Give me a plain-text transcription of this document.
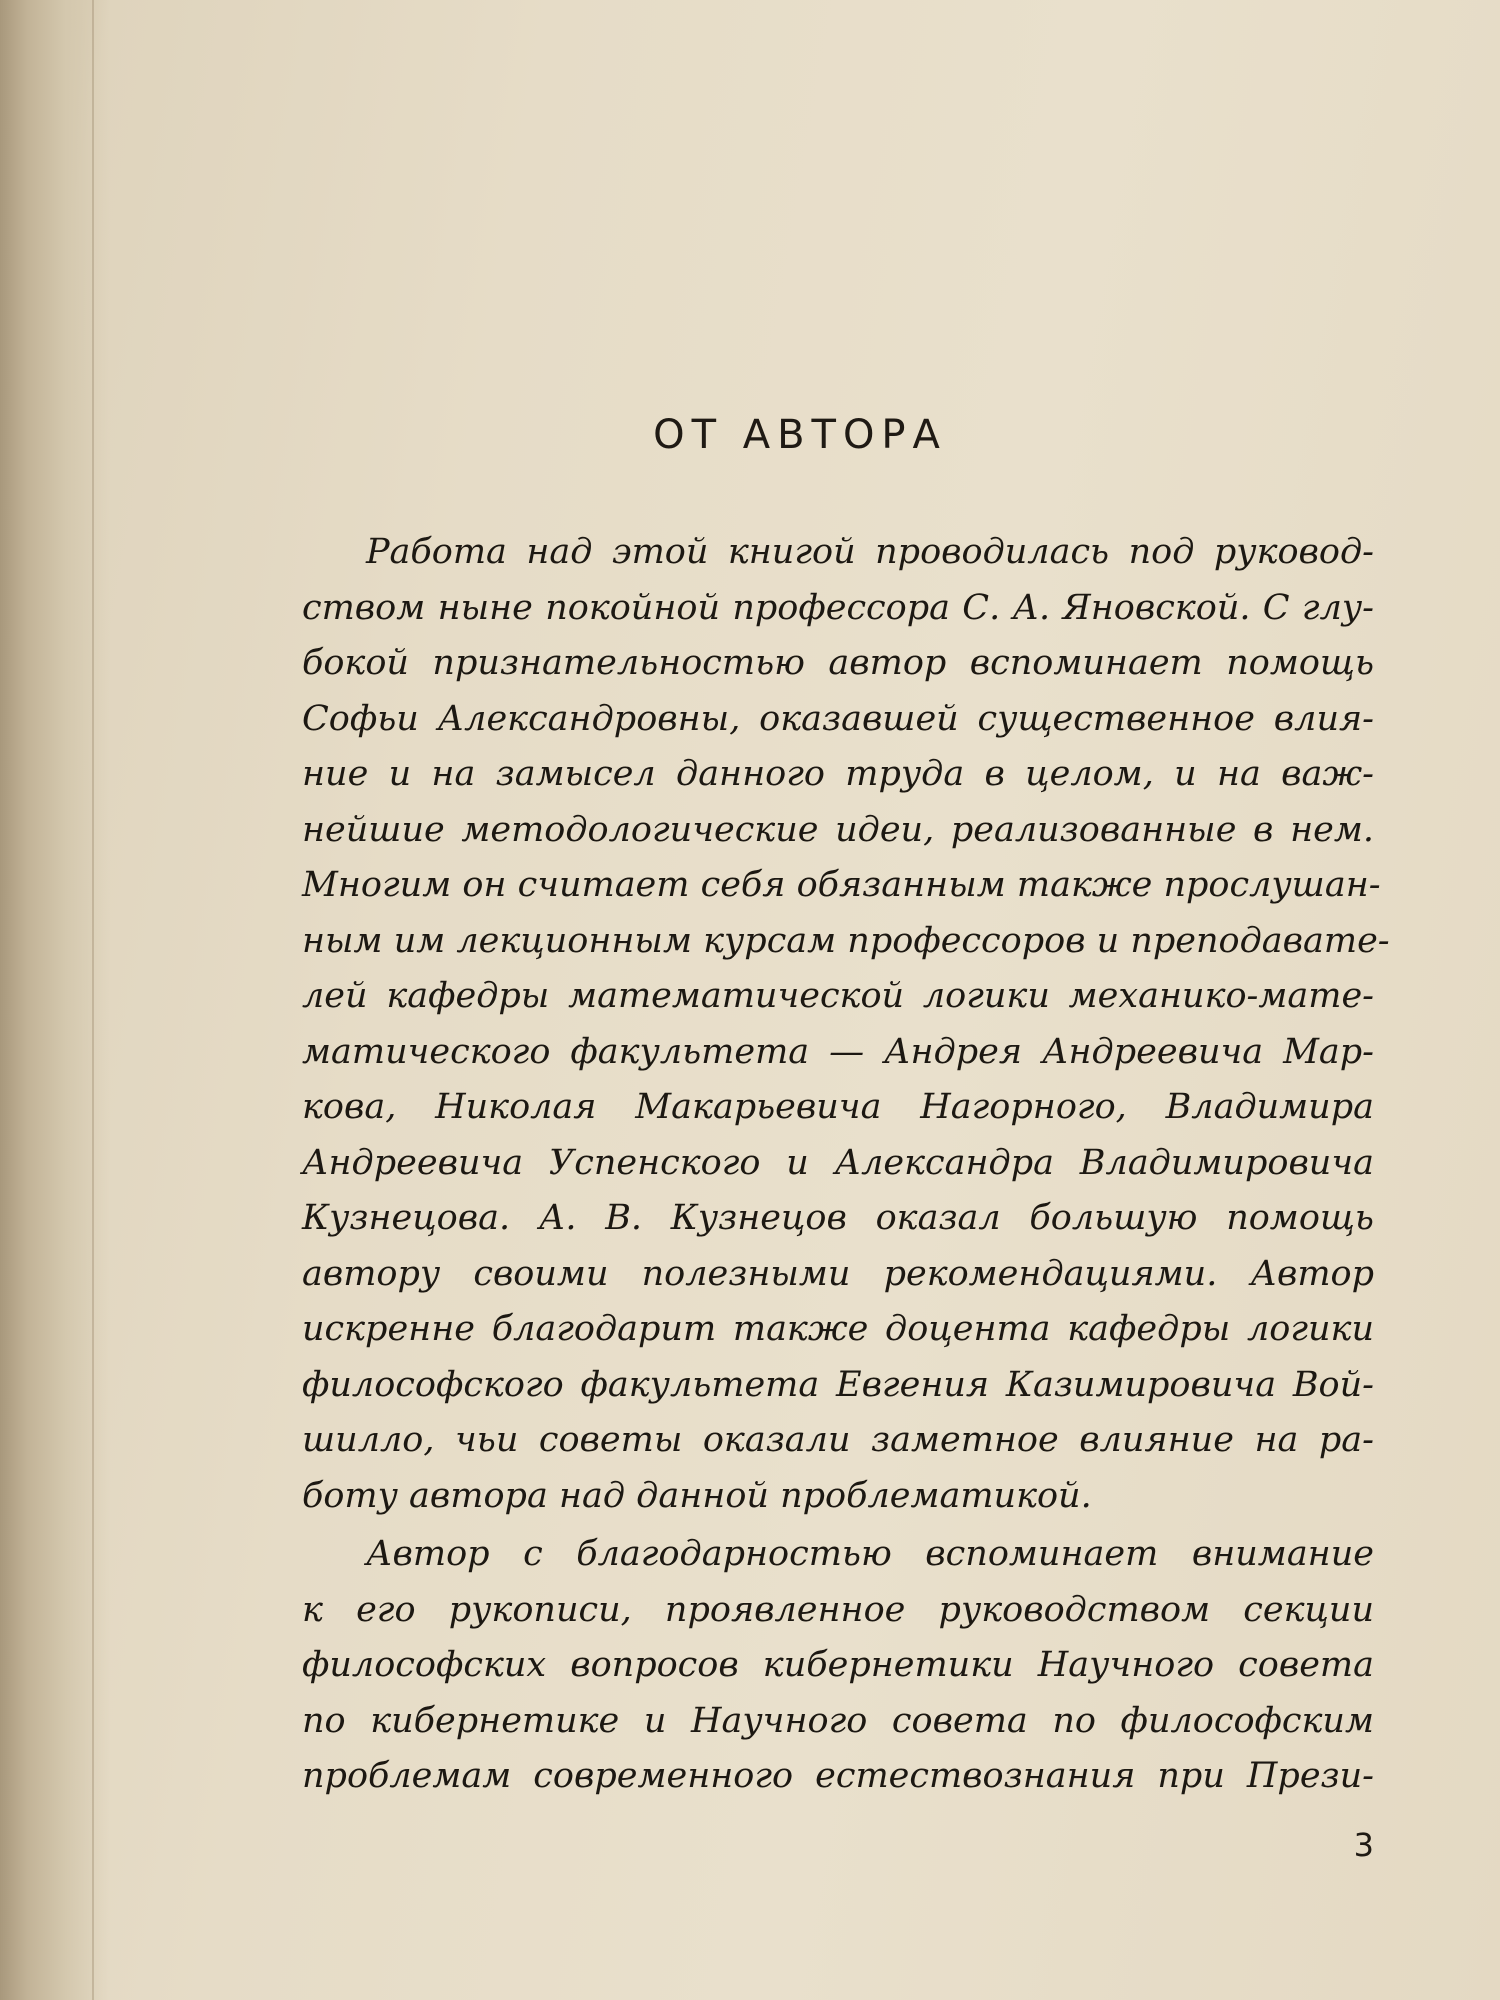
ОТ АВТОРА
Работа над этой книгой проводилась под руковод-
ством ныне покойной профессора С. А. Яновской. С глу-
бокой признательностью автор вспоминает помощь
Софьи Александровны, оказавшей существенное влия-
ние и на замысел данного труда в целом, и на важ-
нейшие методологические идеи, реализованные в нем.
Многим он считает себя обязанным также прослушан-
ным им лекционным курсам профессоров и преподавате-
лей кафедры математической логики механико-мате-
матического факультета — Андрея Андреевича Мар-
кова, Николая Макарьевича Нагорного, Владимира
Андреевича Успенского и Александра Владимировича
Кузнецова. А. В. Кузнецов оказал большую помощь
автору своими полезными рекомендациями. Автор
искренне благодарит также доцента кафедры логики
философского факультета Евгения Казимировича Вой-
шилло, чьи советы оказали заметное влияние на ра-
боту автора над данной проблематикой.
Автор с благодарностью вспоминает внимание
к его рукописи, проявленное руководством секции
философских вопросов кибернетики Научного совета
по кибернетике и Научного совета по философским
проблемам современного естествознания при Прези-
3
